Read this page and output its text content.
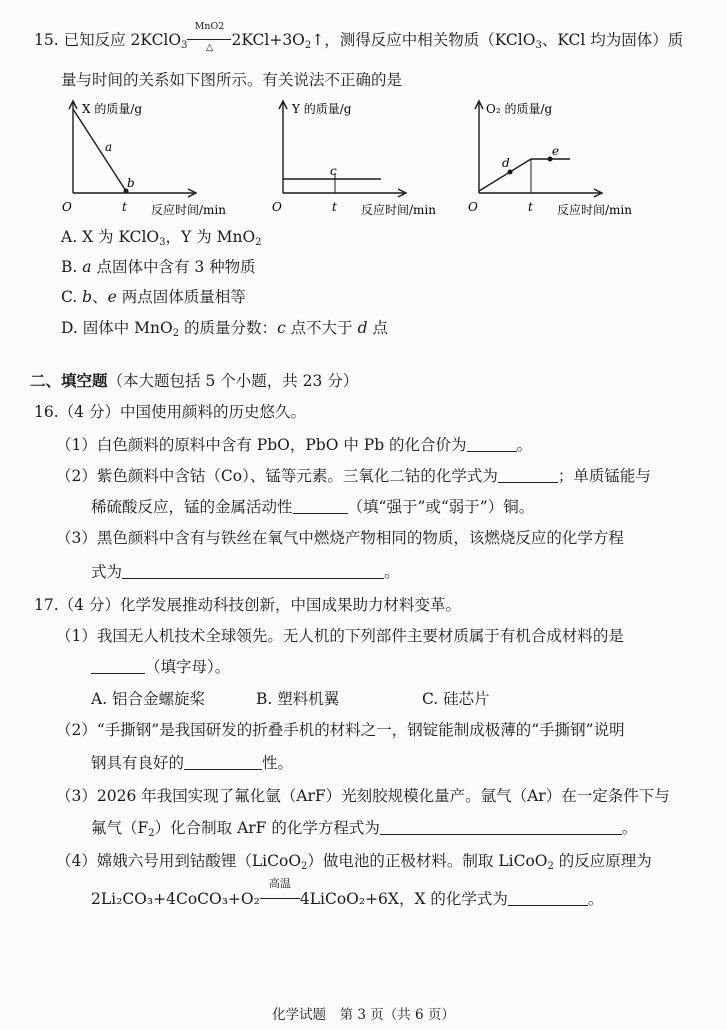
15. 已知反应 2KClO$_3$
MnO2
△	$2KCl+3O_2↑$，测得反应中相关物质（KClO$_3$、KCl 均为固体）质
量与时间的关系如下图所示。有关说法不正确的是
X 的质量/g
a
b
O	t 反应时间/min
Y 的质量/g
c
O	t 反应时间/min
O₂ 的质量/g
d
e
O	t 反应时间/min
A. X 为 KClO$_3$，Y 为 MnO$_2$
B. a 点固体中含有 3 种物质
C. b、e 两点固体质量相等
D. 固体中 MnO$_2$ 的质量分数：c 点不大于 d 点
二、填空题（本大题包括 5 个小题，共 23 分）
16.（4 分）中国使用颜料的历史悠久。
（1）白色颜料的原料中含有 PbO，PbO 中 Pb 的化合价为	。
（2）紫色颜料中含钴（Co）、锰等元素。三氧化二钴的化学式为	；单质锰能与
稀硫酸反应，锰的金属活动性	（填“强于”或“弱于”）铜。
（3）黑色颜料中含有与铁丝在氧气中燃烧产物相同的物质，该燃烧反应的化学方程
式为	。
17.（4 分）化学发展推动科技创新，中国成果助力材料变革。
（1）我国无人机技术全球领先。无人机的下列部件主要材质属于有机合成材料的是
（填字母）。
A. 铝合金螺旋桨	B. 塑料机翼	C. 硅芯片
（2）“手撕钢”是我国研发的折叠手机的材料之一，钢锭能制成极薄的“手撕钢”说明
钢具有良好的	性。
（3）2026 年我国实现了氟化氩（ArF）光刻胶规模化量产。氩气（Ar）在一定条件下与
氟气$(F_2)$化合制取 ArF 的化学方程式为	。
（4）嫦娥六号用到钴酸锂（LiCoO$_2$）做电池的正极材料。制取 LiCoO$_2$ 的反应原理为
2Li₂CO₃+4CoCO₃+O₂
高温
4LiCoO₂+6X，X 的化学式为	。
化学试题　第 3 页（共 6 页）
